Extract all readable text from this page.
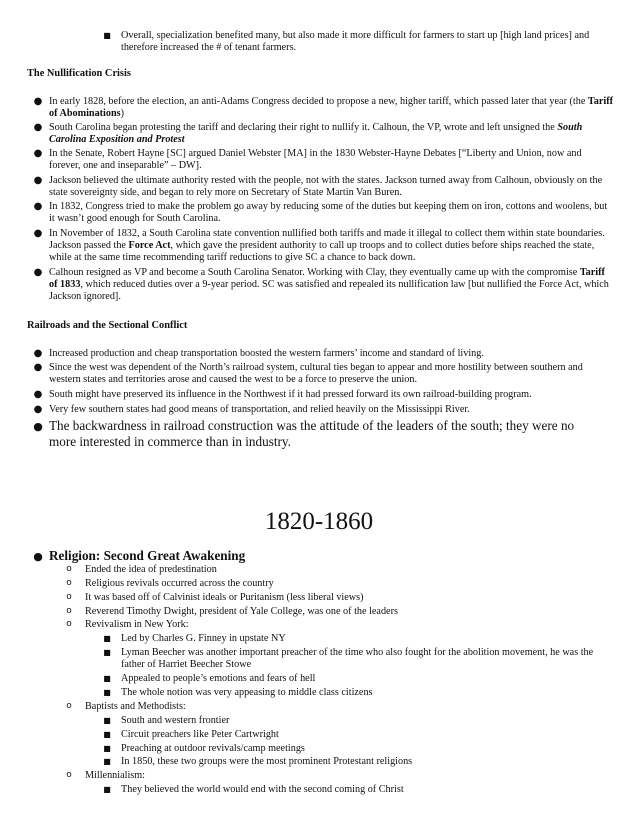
■	Overall, specialization benefited many, but also made it more difficult for farmers to start up [high land prices] and therefore increased the # of tenant farmers.
The Nullification Crisis
● In early 1828, before the election, an anti-Adams Congress decided to propose a new, higher tariff, which passed later that year (the Tariff of Abominations)
● South Carolina began protesting the tariff and declaring their right to nullify it. Calhoun, the VP, wrote and left unsigned the South Carolina Exposition and Protest
● In the Senate, Robert Hayne [SC] argued Daniel Webster [MA] in the 1830 Webster-Hayne Debates [“Liberty and Union, now and forever, one and inseparable” – DW].
● Jackson believed the ultimate authority rested with the people, not with the states. Jackson turned away from Calhoun, obviously on the state sovereignty side, and began to rely more on Secretary of State Martin Van Buren.
● In 1832, Congress tried to make the problem go away by reducing some of the duties but keeping them on iron, cottons and woolens, but it wasn’t good enough for South Carolina.
● In November of 1832, a South Carolina state convention nullified both tariffs and made it illegal to collect them within state boundaries. Jackson passed the Force Act, which gave the president authority to call up troops and to collect duties before ships reached the state, while at the same time recommending tariff reductions to give SC a chance to back down.
● Calhoun resigned as VP and become a South Carolina Senator. Working with Clay, they eventually came up with the compromise Tariff of 1833, which reduced duties over a 9-year period. SC was satisfied and repealed its nullification law [but nullified the Force Act, which Jackson ignored].
Railroads and the Sectional Conflict
● Increased production and cheap transportation boosted the western farmers’ income and standard of living.
● Since the west was dependent of the North’s railroad system, cultural ties began to appear and more hostility between southern and western states and territories arose and caused the west to be a force to preserve the union.
● South might have preserved its influence in the Northwest if it had pressed forward its own railroad-building program.
● Very few southern states had good means of transportation, and relied heavily on the Mississippi River.
● The backwardness in railroad construction was the attitude of the leaders of the south; they were no more interested in commerce than in industry.
1820-1860
● Religion: Second Great Awakening
o	Ended the idea of predestination
o	Religious revivals occurred across the country
o	It was based off of Calvinist ideals or Puritanism (less liberal views)
o	Reverend Timothy Dwight, president of Yale College, was one of the leaders
o	Revivalism in New York:
■	Led by Charles G. Finney in upstate NY
■	Lyman Beecher was another important preacher of the time who also fought for the abolition movement, he was the father of Harriet Beecher Stowe
■	Appealed to people’s emotions and fears of hell
■	The whole notion was very appeasing to middle class citizens
o	Baptists and Methodists:
■	South and western frontier
■	Circuit preachers like Peter Cartwright
■	Preaching at outdoor revivals/camp meetings
■	In 1850, these two groups were the most prominent Protestant religions
o	Millennialism:
■	They believed the world would end with the second coming of Christ
